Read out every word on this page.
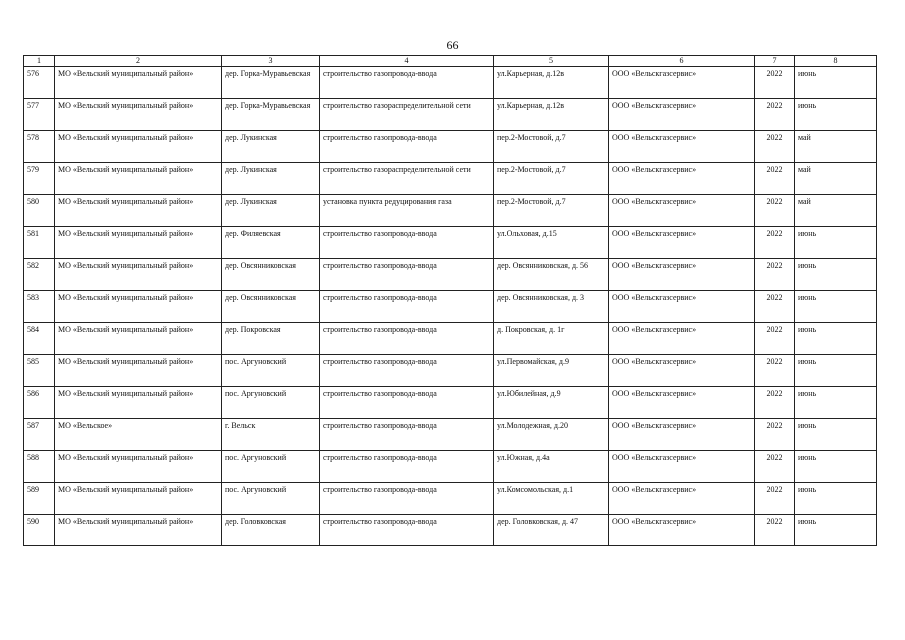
66
1	2	3	4	5	6	7	8
576	МО «Вельский муниципальный район»	дер. Горка-Муравьевская	строительство газопровода-ввода	ул.Карьерная, д.12в	ООО «Вельскгазсервис»	2022	июнь
577	МО «Вельский муниципальный район»	дер. Горка-Муравьевская	строительство газораспределительной сети	ул.Карьерная, д.12в	ООО «Вельскгазсервис»	2022	июнь
578	МО «Вельский муниципальный район»	дер. Лукинская	строительство газопровода-ввода	пер.2-Мостовой, д.7	ООО «Вельскгазсервис»	2022	май
579	МО «Вельский муниципальный район»	дер. Лукинская	строительство газораспределительной сети	пер.2-Мостовой, д.7	ООО «Вельскгазсервис»	2022	май
580	МО «Вельский муниципальный район»	дер. Лукинская	установка пункта редуцирования газа	пер.2-Мостовой, д.7	ООО «Вельскгазсервис»	2022	май
581	МО «Вельский муниципальный район»	дер. Филяевская	строительство газопровода-ввода	ул.Ольховая, д.15	ООО «Вельскгазсервис»	2022	июнь
582	МО «Вельский муниципальный район»	дер. Овсянниковская	строительство газопровода-ввода	дер. Овсянниковская, д. 56	ООО «Вельскгазсервис»	2022	июнь
583	МО «Вельский муниципальный район»	дер. Овсянниковская	строительство газопровода-ввода	дер. Овсянниковская, д. 3	ООО «Вельскгазсервис»	2022	июнь
584	МО «Вельский муниципальный район»	дер. Покровская	строительство газопровода-ввода	д. Покровская, д. 1г	ООО «Вельскгазсервис»	2022	июнь
585	МО «Вельский муниципальный район»	пос. Аргуновский	строительство газопровода-ввода	ул.Первомайская, д.9	ООО «Вельскгазсервис»	2022	июнь
586	МО «Вельский муниципальный район»	пос. Аргуновский	строительство газопровода-ввода	ул.Юбилейная, д.9	ООО «Вельскгазсервис»	2022	июнь
587	МО «Вельское»	г. Вельск	строительство газопровода-ввода	ул.Молодежная, д.20	ООО «Вельскгазсервис»	2022	июнь
588	МО «Вельский муниципальный район»	пос. Аргуновский	строительство газопровода-ввода	ул.Южная, д.4а	ООО «Вельскгазсервис»	2022	июнь
589	МО «Вельский муниципальный район»	пос. Аргуновский	строительство газопровода-ввода	ул.Комсомольская, д.1	ООО «Вельскгазсервис»	2022	июнь
590	МО «Вельский муниципальный район»	дер. Головковская	строительство газопровода-ввода	дер. Головковская, д. 47	ООО «Вельскгазсервис»	2022	июнь
